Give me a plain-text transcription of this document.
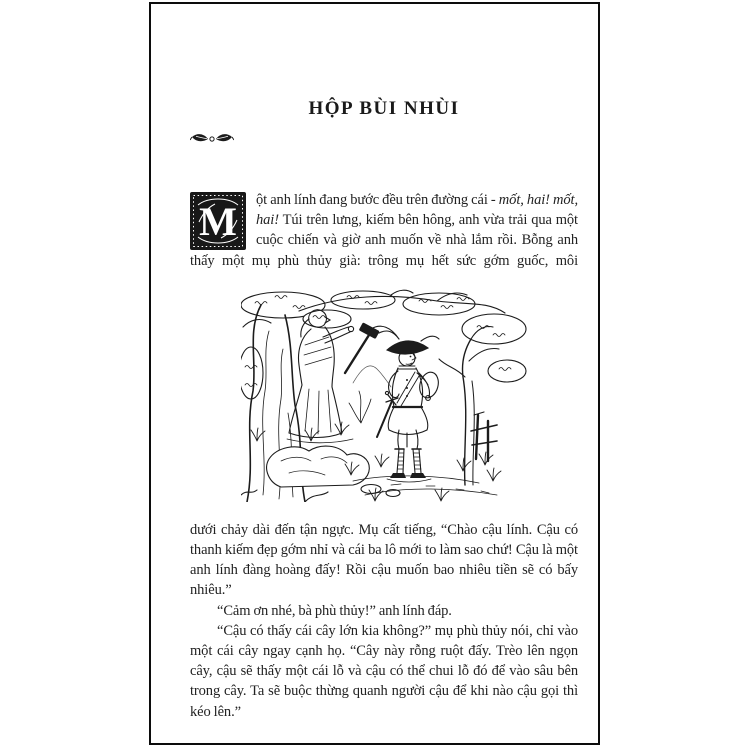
HỘP BÙI NHÙI

M ột anh lính đang bước đều trên đường cái - mốt, hai! mốt, hai! Túi trên lưng, kiếm bên hông, anh vừa trải qua một cuộc chiến và giờ anh muốn về nhà lắm rồi. Bỗng anh thấy một mụ phù thủy già: trông mụ hết sức gớm guốc, môi

dưới chảy dài đến tận ngực. Mụ cất tiếng, “Chào cậu lính. Cậu có thanh kiếm đẹp gớm nhỉ và cái ba lô mới to làm sao chứ! Cậu là một anh lính đàng hoàng đấy! Rồi cậu muốn bao nhiêu tiền sẽ có bấy nhiêu.”

“Cảm ơn nhé, bà phù thủy!” anh lính đáp.

“Cậu có thấy cái cây lớn kia không?” mụ phù thủy nói, chỉ vào một cái cây ngay cạnh họ. “Cây này rỗng ruột đấy. Trèo lên ngọn cây, cậu sẽ thấy một cái lỗ và cậu có thể chui lỗ đó để vào sâu bên trong cây. Ta sẽ buộc thừng quanh người cậu để khi nào cậu gọi thì kéo lên.”
